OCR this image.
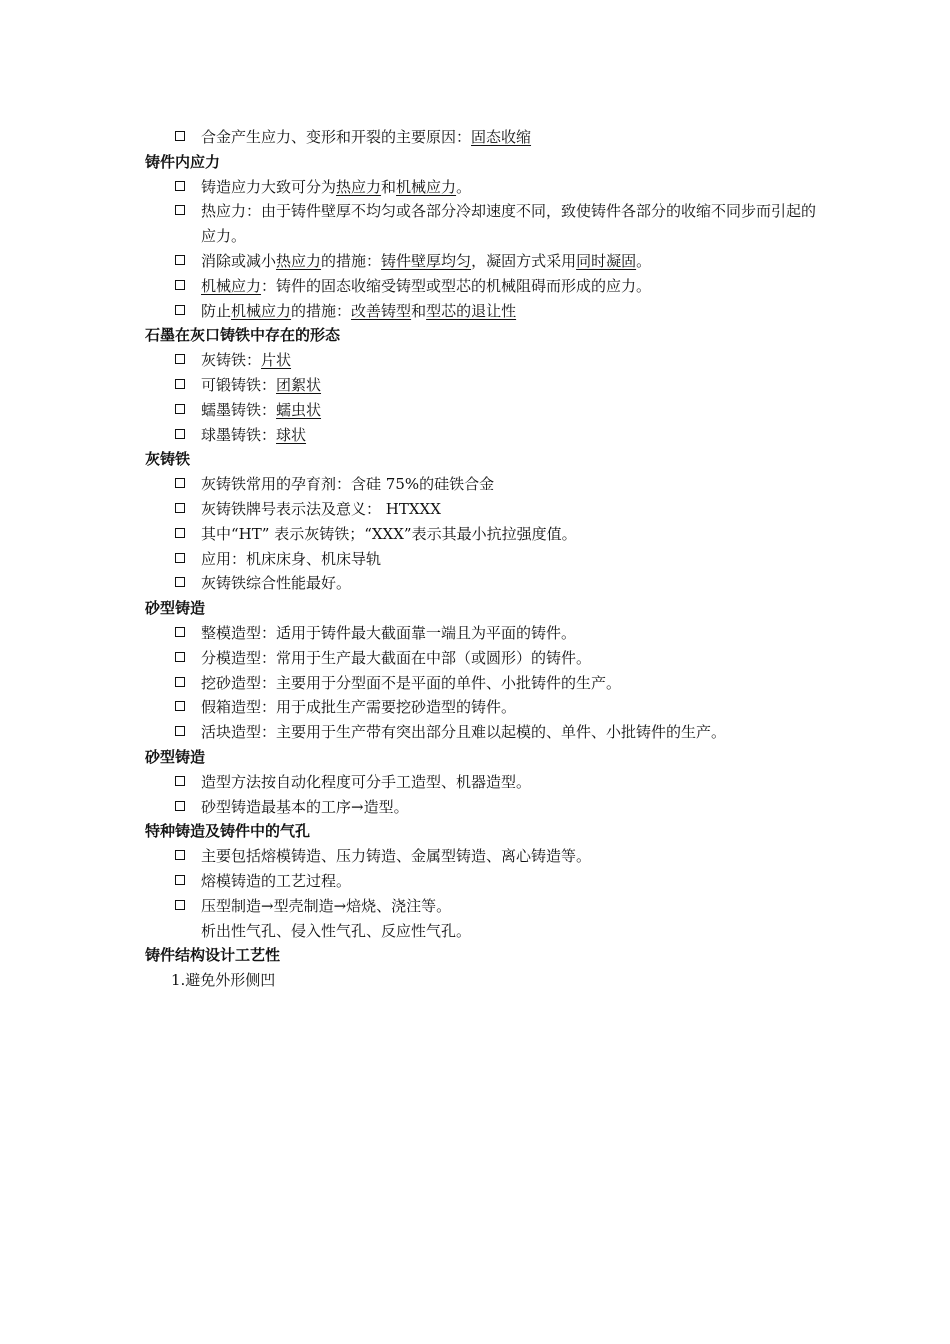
合金产生应力、变形和开裂的主要原因：固态收缩
铸件内应力
铸造应力大致可分为热应力和机械应力。
热应力：由于铸件壁厚不均匀或各部分冷却速度不同，致使铸件各部分的收缩不同步而引起的应力。
消除或减小热应力的措施：铸件壁厚均匀，凝固方式采用同时凝固。
机械应力：铸件的固态收缩受铸型或型芯的机械阻碍而形成的应力。
防止机械应力的措施：改善铸型和型芯的退让性
石墨在灰口铸铁中存在的形态
灰铸铁：片状
可锻铸铁：团絮状
蠕墨铸铁：蠕虫状
球墨铸铁：球状
灰铸铁
灰铸铁常用的孕育剂：含硅 75%的硅铁合金
灰铸铁牌号表示法及意义： HTXXX
其中“HT” 表示灰铸铁；“XXX”表示其最小抗拉强度值。
应用：机床床身、机床导轨
灰铸铁综合性能最好。
砂型铸造
整模造型：适用于铸件最大截面靠一端且为平面的铸件。
分模造型：常用于生产最大截面在中部（或圆形）的铸件。
挖砂造型：主要用于分型面不是平面的单件、小批铸件的生产。
假箱造型：用于成批生产需要挖砂造型的铸件。
活块造型：主要用于生产带有突出部分且难以起模的、单件、小批铸件的生产。
砂型铸造
造型方法按自动化程度可分手工造型、机器造型。
砂型铸造最基本的工序→造型。
特种铸造及铸件中的气孔
主要包括熔模铸造、压力铸造、金属型铸造、离心铸造等。
熔模铸造的工艺过程。
压型制造→型壳制造→焙烧、浇注等。
析出性气孔、侵入性气孔、反应性气孔。
铸件结构设计工艺性
1.避免外形侧凹
